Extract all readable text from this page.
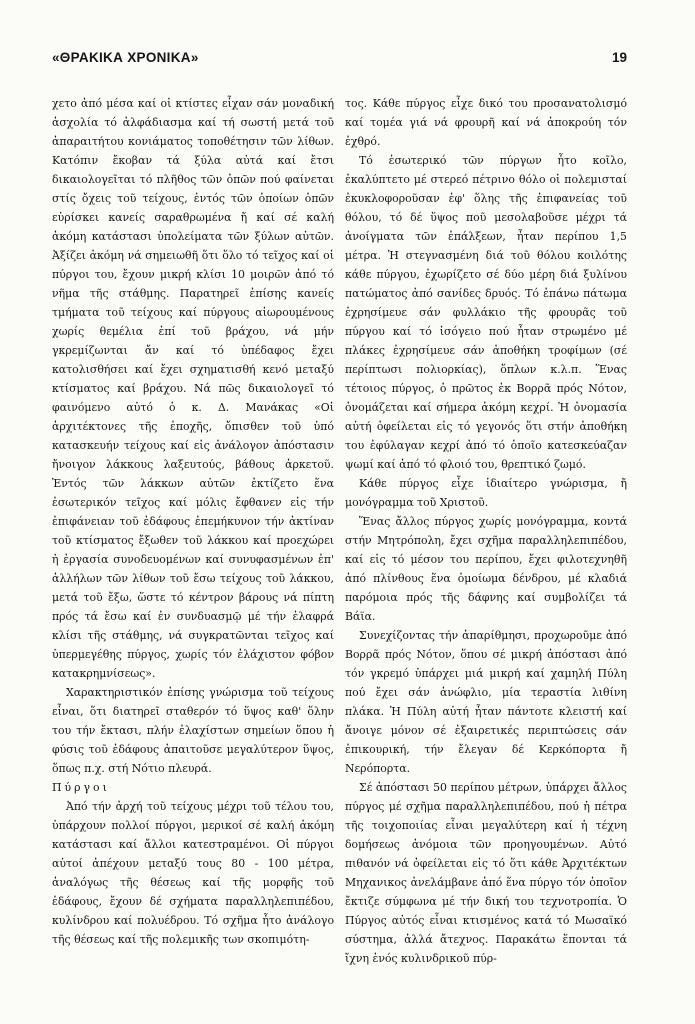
«ΘΡΑΚΙΚΑ ΧΡΟΝΙΚΑ»	19

χετο ἀπό μέσα καί οἱ κτίστες εἶχαν σάν μοναδική ἀσχολία τό ἀλφάδιασμα καί τή σωστή μετά τοῦ ἀπαραιτήτου κονιάματος τοποθέτησιν τῶν λίθων. Κατόπιν ἔκοβαν τά ξύλα αὐτά καί ἔτσι δικαιολογεῖται τό πλῆθος τῶν ὀπῶν πού φαίνεται στίς ὄχεις τοῦ τείχους, ἐντός τῶν ὁποίων ὁπῶν εὑρίσκει κανείς σαραθρωμένα ἤ καί σέ καλή ἀκόμη κατάστασι ὑπολείματα τῶν ξύλων αὐτῶν. Ἀξίζει ἀκόμη νά σημειωθῆ ὅτι ὅλο τό τεῖχος καί οἱ πύργοι του, ἔχουν μικρή κλίσι 10 μοιρῶν ἀπό τό νῆμα τῆς στάθμης. Παρατηρεῖ ἐπίσης κανείς τμήματα τοῦ τείχους καί πύργους αἰωρουμένους χωρίς θεμέλια ἐπί τοῦ βράχου, νά μήν γκρεμίζωνται ἄν καί τό ὑπέδαφος ἔχει κατολισθήσει καί ἔχει σχηματισθή κενό μεταξύ κτίσματος καί βράχου. Νά πῶς δικαιολογεῖ τό φαινόμενο αὐτό ὁ κ. Δ. Μανάκας «Οἱ ἀρχιτέκτονες τῆς ἐποχῆς, ὄπισθεν τοῦ ὑπό κατασκευήν τείχους καί εἰς ἀνάλογον ἀπόστασιν ἤνοιγον λάκκους λαξευτούς, βάθους ἀρκετοῦ. Ἐντός τῶν λάκκων αὐτῶν ἐκτίζετο ἕνα ἐσωτερικόν τεῖχος καί μόλις ἔφθανεν εἰς τήν ἐπιφάνειαν τοῦ ἐδάφους ἐπεμήκυνον τήν ἀκτίναν τοῦ κτίσματος ἔξωθεν τοῦ λάκκου καί προεχώρει ἡ ἐργασία συνοδευομένων καί συνυφασμένων ἐπ' ἀλλήλων τῶν λίθων τοῦ ἔσω τείχους τοῦ λάκκου, μετά τοῦ ἔξω, ὥστε τό κέντρον βάρους νά πίπτη πρός τά ἔσω καί ἐν συνδυασμῷ μέ τήν ἐλαφρά κλίσι τῆς στάθμης, νά συγκρατῶνται τεῖχος καί ὑπερμεγέθης πύργος, χωρίς τόν ἐλάχιστον φόβον κατακρημνίσεως».

Χαρακτηριστικόν ἐπίσης γνώρισμα τοῦ τείχους εἶναι, ὅτι διατηρεῖ σταθερόν τό ὕψος καθ' ὅλην του τήν ἔκτασι, πλήν ἐλαχίστων σημείων ὅπου ἡ φύσις τοῦ ἐδάφους ἀπαιτοῦσε μεγαλύτερον ὕψος, ὅπως π.χ. στή Νότιο πλευρά.

Πύργοι

Ἀπό τήν ἀρχή τοῦ τείχους μέχρι τοῦ τέλου του, ὑπάρχουν πολλοί πύργοι, μερικοί σέ καλή ἀκόμη κατάστασι καί ἄλλοι κατεστραμένοι. Οἱ πύργοι αὐτοί ἀπέχουν μεταξύ τους 80 - 100 μέτρα, ἀναλόγως τῆς θέσεως καί τῆς μορφῆς τοῦ ἐδάφους, ἔχουν δέ σχήματα παραλληλεπιπέδου, κυλίνδρου καί πολυέδρου. Τό σχῆμα ἦτο ἀνάλογο τῆς θέσεως καί τῆς πολεμικῆς των σκοπιμότη-

τος. Κάθε πύργος εἶχε δικό του προσανατολισμό καί τομέα γιά νά φρουρῆ καί νά ἀποκρούη τόν ἐχθρό.

Τό ἐσωτερικό τῶν πύργων ἦτο κοῖλο, ἐκαλύπτετο μέ στερεό πέτρινο θόλο οἱ πολεμισταί ἐκυκλοφοροῦσαν ἐφ' ὅλης τῆς ἐπιφανείας τοῦ θόλου, τό δέ ὕψος ποῦ μεσολαβοῦσε μέχρι τά ἀνοίγματα τῶν ἐπάλξεων, ἦταν περίπου 1,5 μέτρα. Ἡ στεγνασμένη διά τοῦ θόλου κοιλότης κάθε πύργου, ἐχωρίζετο σέ δύο μέρη διά ξυλίνου πατώματος ἀπό σανίδες δρυός. Τό ἐπάνω πάτωμα ἐχρησίμευε σάν φυλλάκιο τῆς φρουρᾶς τοῦ πύργου καί τό ἰσόγειο πού ἦταν στρωμένο μέ πλάκες ἐχρησίμευε σάν ἀποθήκη τροφίμων (σέ περίπτωσι πολιορκίας), ὅπλων κ.λ.π. Ἕνας τέτοιος πύργος, ὁ πρῶτος ἐκ Βορρᾶ πρός Νότον, ὀνομάζεται καί σήμερα ἀκόμη κεχρί. Ἡ ὀνομασία αὐτή ὀφείλεται εἰς τό γεγονός ὅτι στήν ἀποθήκη του ἐφύλαγαν κεχρί ἀπό τό ὁποῖο κατεσκεύαζαν ψωμί καί ἀπό τό φλοιό του, θρεπτικό ζωμό.

Κάθε πύργος εἶχε ἰδιαίτερο γνώρισμα, ἤ μονόγραμμα τοῦ Χριστοῦ.

Ἕνας ἄλλος πύργος χωρίς μονόγραμμα, κοντά στήν Μητρόπολη, ἔχει σχῆμα παραλληλεπιπέδου, καί εἰς τό μέσον του περίπου, ἔχει φιλοτεχνηθῆ ἀπό πλίνθους ἕνα ὁμοίωμα δένδρου, μέ κλαδιά παρόμοια πρός τῆς δάφνης καί συμβολίζει τά Βάϊα.

Συνεχίζοντας τήν ἀπαρίθμησι, προχωροῦμε ἀπό Βορρᾶ πρός Νότον, ὅπου σέ μικρή ἀπόστασι ἀπό τόν γκρεμό ὑπάρχει μιά μικρή καί χαμηλή Πύλη πού ἔχει σάν ἀνώφλιο, μία τεραστία λιθίνη πλάκα. Ἡ Πύλη αὐτή ἦταν πάντοτε κλειστή καί ἄνοιγε μόνον σέ ἐξαιρετικές περιπτώσεις σάν ἐπικουρική, τήν ἔλεγαν δέ Κερκόπορτα ἤ Νερόπορτα.

Σέ ἀπόστασι 50 περίπου μέτρων, ὑπάρχει ἄλλος πύργος μέ σχῆμα παραλληλεπιπέδου, πού ἡ πέτρα τῆς τοιχοποιίας εἶναι μεγαλύτερη καί ἡ τέχνη δομήσεως ἀνόμοια τῶν προηγουμένων. Αὐτό πιθανόν νά ὀφείλεται εἰς τό ὅτι κάθε Ἀρχιτέκτων Μηχανικος ἀνελάμβανε ἀπό ἕνα πύργο τόν ὁποῖον ἔκτιζε σύμφωνα μέ τήν δική του τεχνοτροπία. Ὁ Πύργος αὐτός εἶναι κτισμένος κατά τό Μωσαϊκό σύστημα, ἀλλά ἄτεχνος. Παρακάτω ἕπονται τά ἴχνη ἑνός κυλινδρικοῦ πύρ-
